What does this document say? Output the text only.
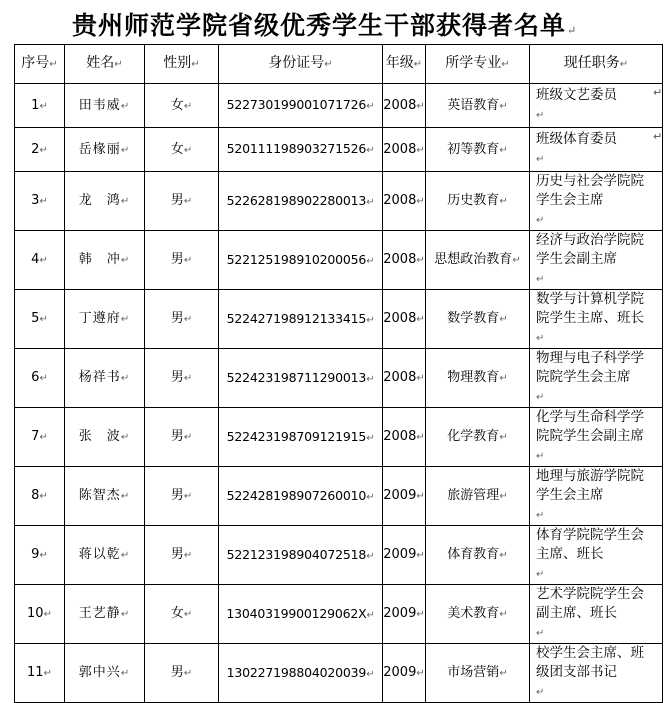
贵州师范学院省级优秀学生干部获得者名单↵
序号↵	姓名↵	性别↵	身份证号↵	年级↵	所学专业↵	现任职务↵
1↵	田韦威↵	女↵	522730199001071726↵	2008↵	英语教育↵	班级文艺委员
↵
2↵	岳椽丽↵	女↵	520111198903271526↵	2008↵	初等教育↵	班级体育委员
↵
3↵	龙　鸿↵	男↵	522628198902280013↵	2008↵	历史教育↵	历史与社会学院院
学生会主席
↵
4↵	韩　冲↵	男↵	522125198910200056↵	2008↵	思想政治教育↵	经济与政治学院院
学生会副主席
↵
5↵	丁遵府↵	男↵	522427198912133415↵	2008↵	数学教育↵	数学与计算机学院
院学生主席、班长
↵
6↵	杨祥书↵	男↵	522423198711290013↵	2008↵	物理教育↵	物理与电子科学学
院院学生会主席
↵
7↵	张　波↵	男↵	522423198709121915↵	2008↵	化学教育↵	化学与生命科学学
院院学生会副主席
↵
8↵	陈智杰↵	男↵	522428198907260010↵	2009↵	旅游管理↵	地理与旅游学院院
学生会主席
↵
9↵	蒋以乾↵	男↵	522123198904072518↵	2009↵	体育教育↵	体育学院院学生会
主席、班长
↵
10↵	王艺静↵	女↵	13040319900129062X↵	2009↵	美术教育↵	艺术学院院学生会
副主席、班长
↵
11↵	郭中兴↵	男↵	130227198804020039↵	2009↵	市场营销↵	校学生会主席、班
级团支部书记
↵
↵
↵
